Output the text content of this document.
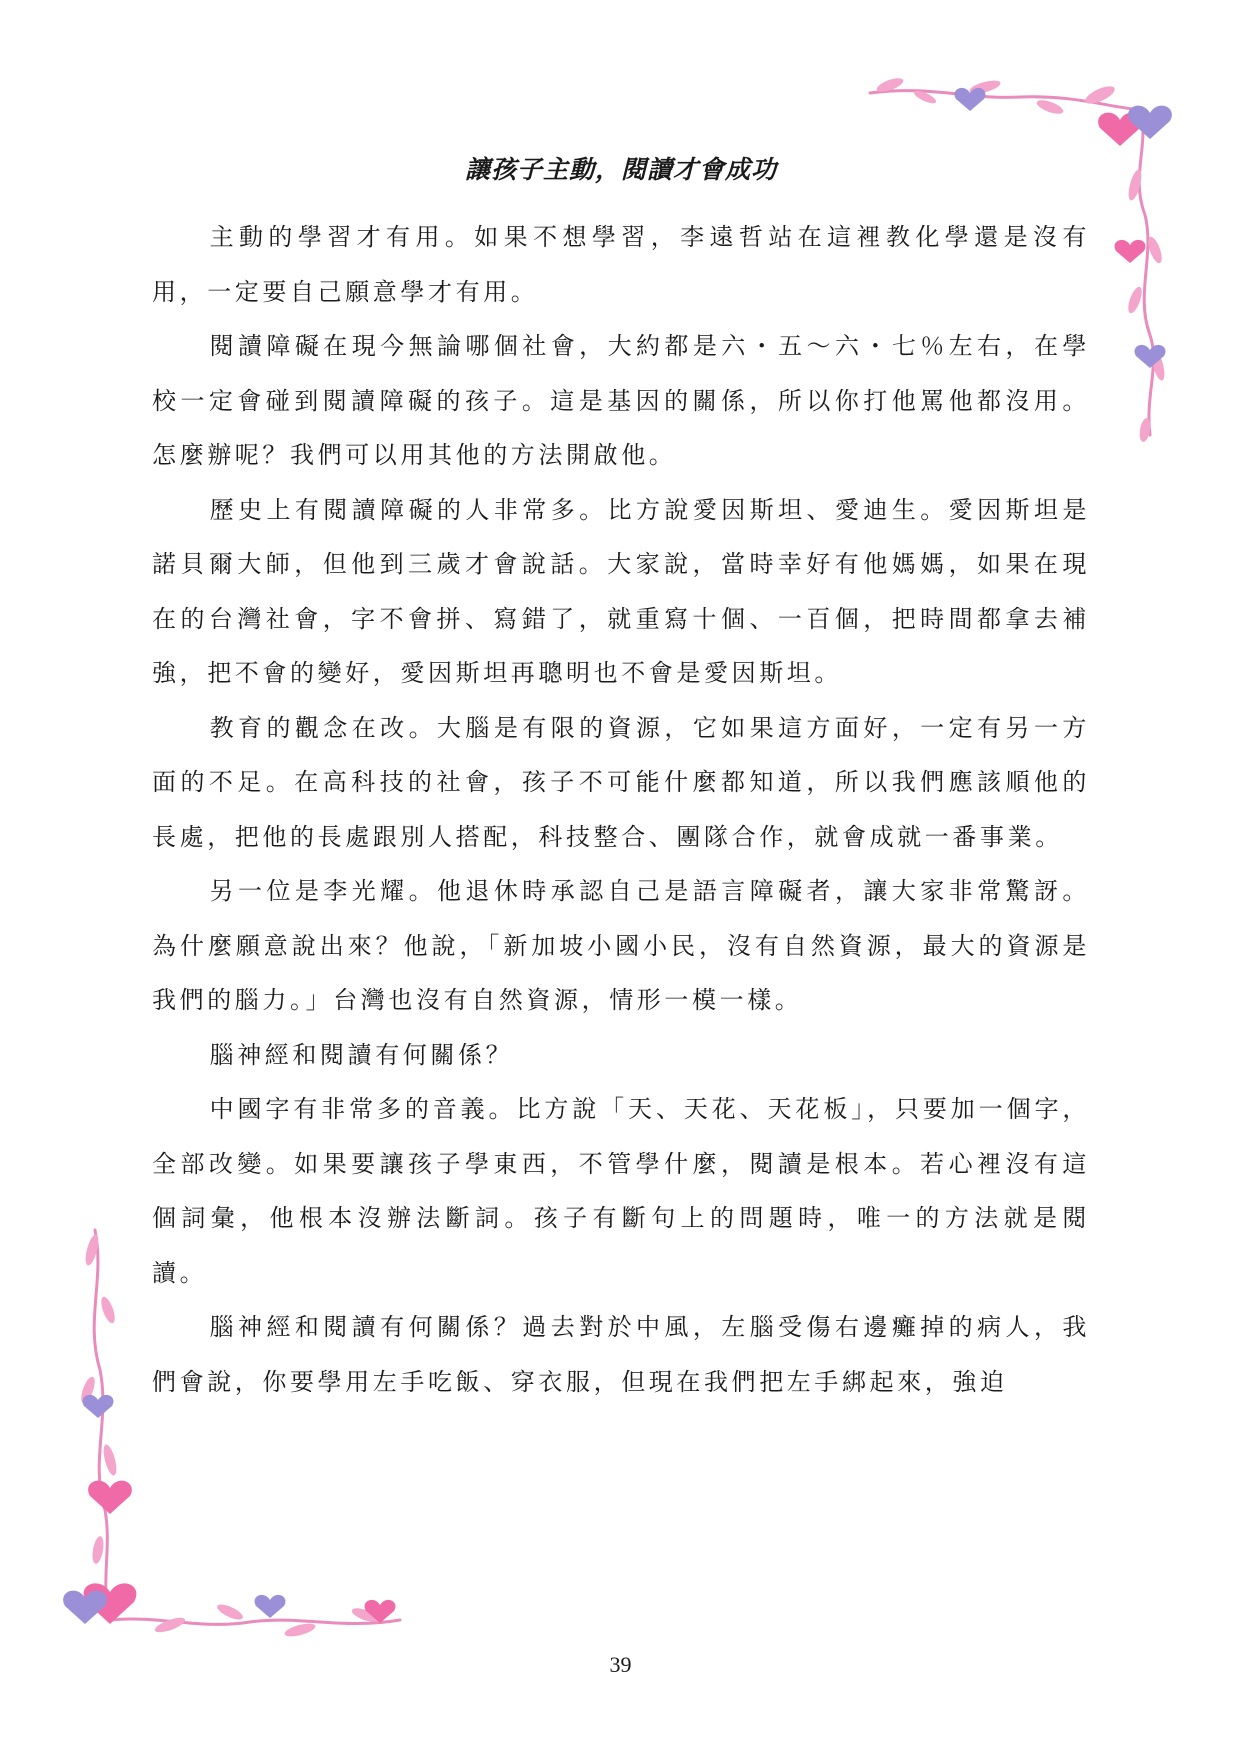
讓孩子主動，閱讀才會成功

主動的學習才有用。如果不想學習，李遠哲站在這裡教化學還是沒有用，一定要自己願意學才有用。

閱讀障礙在現今無論哪個社會，大約都是六・五～六・七％左右，在學校一定會碰到閱讀障礙的孩子。這是基因的關係，所以你打他罵他都沒用。怎麼辦呢？我們可以用其他的方法開啟他。

歷史上有閱讀障礙的人非常多。比方說愛因斯坦、愛迪生。愛因斯坦是諾貝爾大師，但他到三歲才會說話。大家說，當時幸好有他媽媽，如果在現在的台灣社會，字不會拼、寫錯了，就重寫十個、一百個，把時間都拿去補強，把不會的變好，愛因斯坦再聰明也不會是愛因斯坦。

教育的觀念在改。大腦是有限的資源，它如果這方面好，一定有另一方面的不足。在高科技的社會，孩子不可能什麼都知道，所以我們應該順他的長處，把他的長處跟別人搭配，科技整合、團隊合作，就會成就一番事業。

另一位是李光耀。他退休時承認自己是語言障礙者，讓大家非常驚訝。為什麼願意說出來？他說，「新加坡小國小民，沒有自然資源，最大的資源是我們的腦力。」台灣也沒有自然資源，情形一模一樣。

腦神經和閱讀有何關係？

中國字有非常多的音義。比方說「天、天花、天花板」，只要加一個字，全部改變。如果要讓孩子學東西，不管學什麼，閱讀是根本。若心裡沒有這個詞彙，他根本沒辦法斷詞。孩子有斷句上的問題時，唯一的方法就是閱讀。

腦神經和閱讀有何關係？過去對於中風，左腦受傷右邊癱掉的病人，我們會說，你要學用左手吃飯、穿衣服，但現在我們把左手綁起來，強迫

39
